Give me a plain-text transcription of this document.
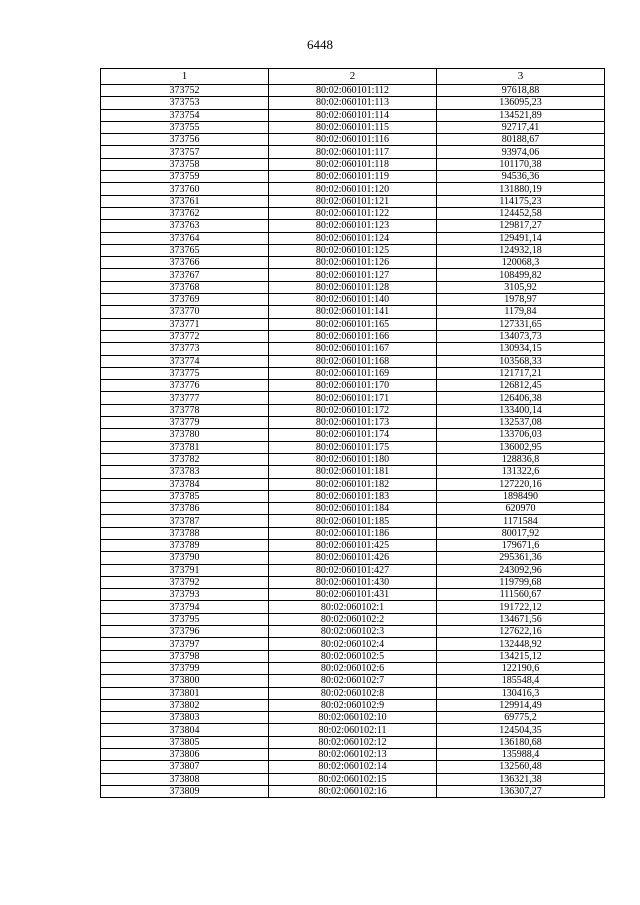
6448
1	2	3
373752	80:02:060101:112	97618,88
373753	80:02:060101:113	136095,23
373754	80:02:060101:114	134521,89
373755	80:02:060101:115	92717,41
373756	80:02:060101:116	80188,67
373757	80:02:060101:117	93974,06
373758	80:02:060101:118	101170,38
373759	80:02:060101:119	94536,36
373760	80:02:060101:120	131880,19
373761	80:02:060101:121	114175,23
373762	80:02:060101:122	124452,58
373763	80:02:060101:123	129817,27
373764	80:02:060101:124	129491,14
373765	80:02:060101:125	124932,18
373766	80:02:060101:126	120068,3
373767	80:02:060101:127	108499,82
373768	80:02:060101:128	3105,92
373769	80:02:060101:140	1978,97
373770	80:02:060101:141	1179,84
373771	80:02:060101:165	127331,65
373772	80:02:060101:166	134073,73
373773	80:02:060101:167	130934,15
373774	80:02:060101:168	103568,33
373775	80:02:060101:169	121717,21
373776	80:02:060101:170	126812,45
373777	80:02:060101:171	126406,38
373778	80:02:060101:172	133400,14
373779	80:02:060101:173	132537,08
373780	80:02:060101:174	133706,03
373781	80:02:060101:175	136002,95
373782	80:02:060101:180	128836,8
373783	80:02:060101:181	131322,6
373784	80:02:060101:182	127220,16
373785	80:02:060101:183	1898490
373786	80:02:060101:184	620970
373787	80:02:060101:185	1171584
373788	80:02:060101:186	80017,92
373789	80:02:060101:425	179671,6
373790	80:02:060101:426	295361,36
373791	80:02:060101:427	243092,96
373792	80:02:060101:430	119799,68
373793	80:02:060101:431	111560,67
373794	80:02:060102:1	191722,12
373795	80:02:060102:2	134671,56
373796	80:02:060102:3	127622,16
373797	80:02:060102:4	132448,92
373798	80:02:060102:5	134215,12
373799	80:02:060102:6	122190,6
373800	80:02:060102:7	185548,4
373801	80:02:060102:8	130416,3
373802	80:02:060102:9	129914,49
373803	80:02:060102:10	69775,2
373804	80:02:060102:11	124504,35
373805	80:02:060102:12	136180,68
373806	80:02:060102:13	135988,4
373807	80:02:060102:14	132560,48
373808	80:02:060102:15	136321,38
373809	80:02:060102:16	136307,27
